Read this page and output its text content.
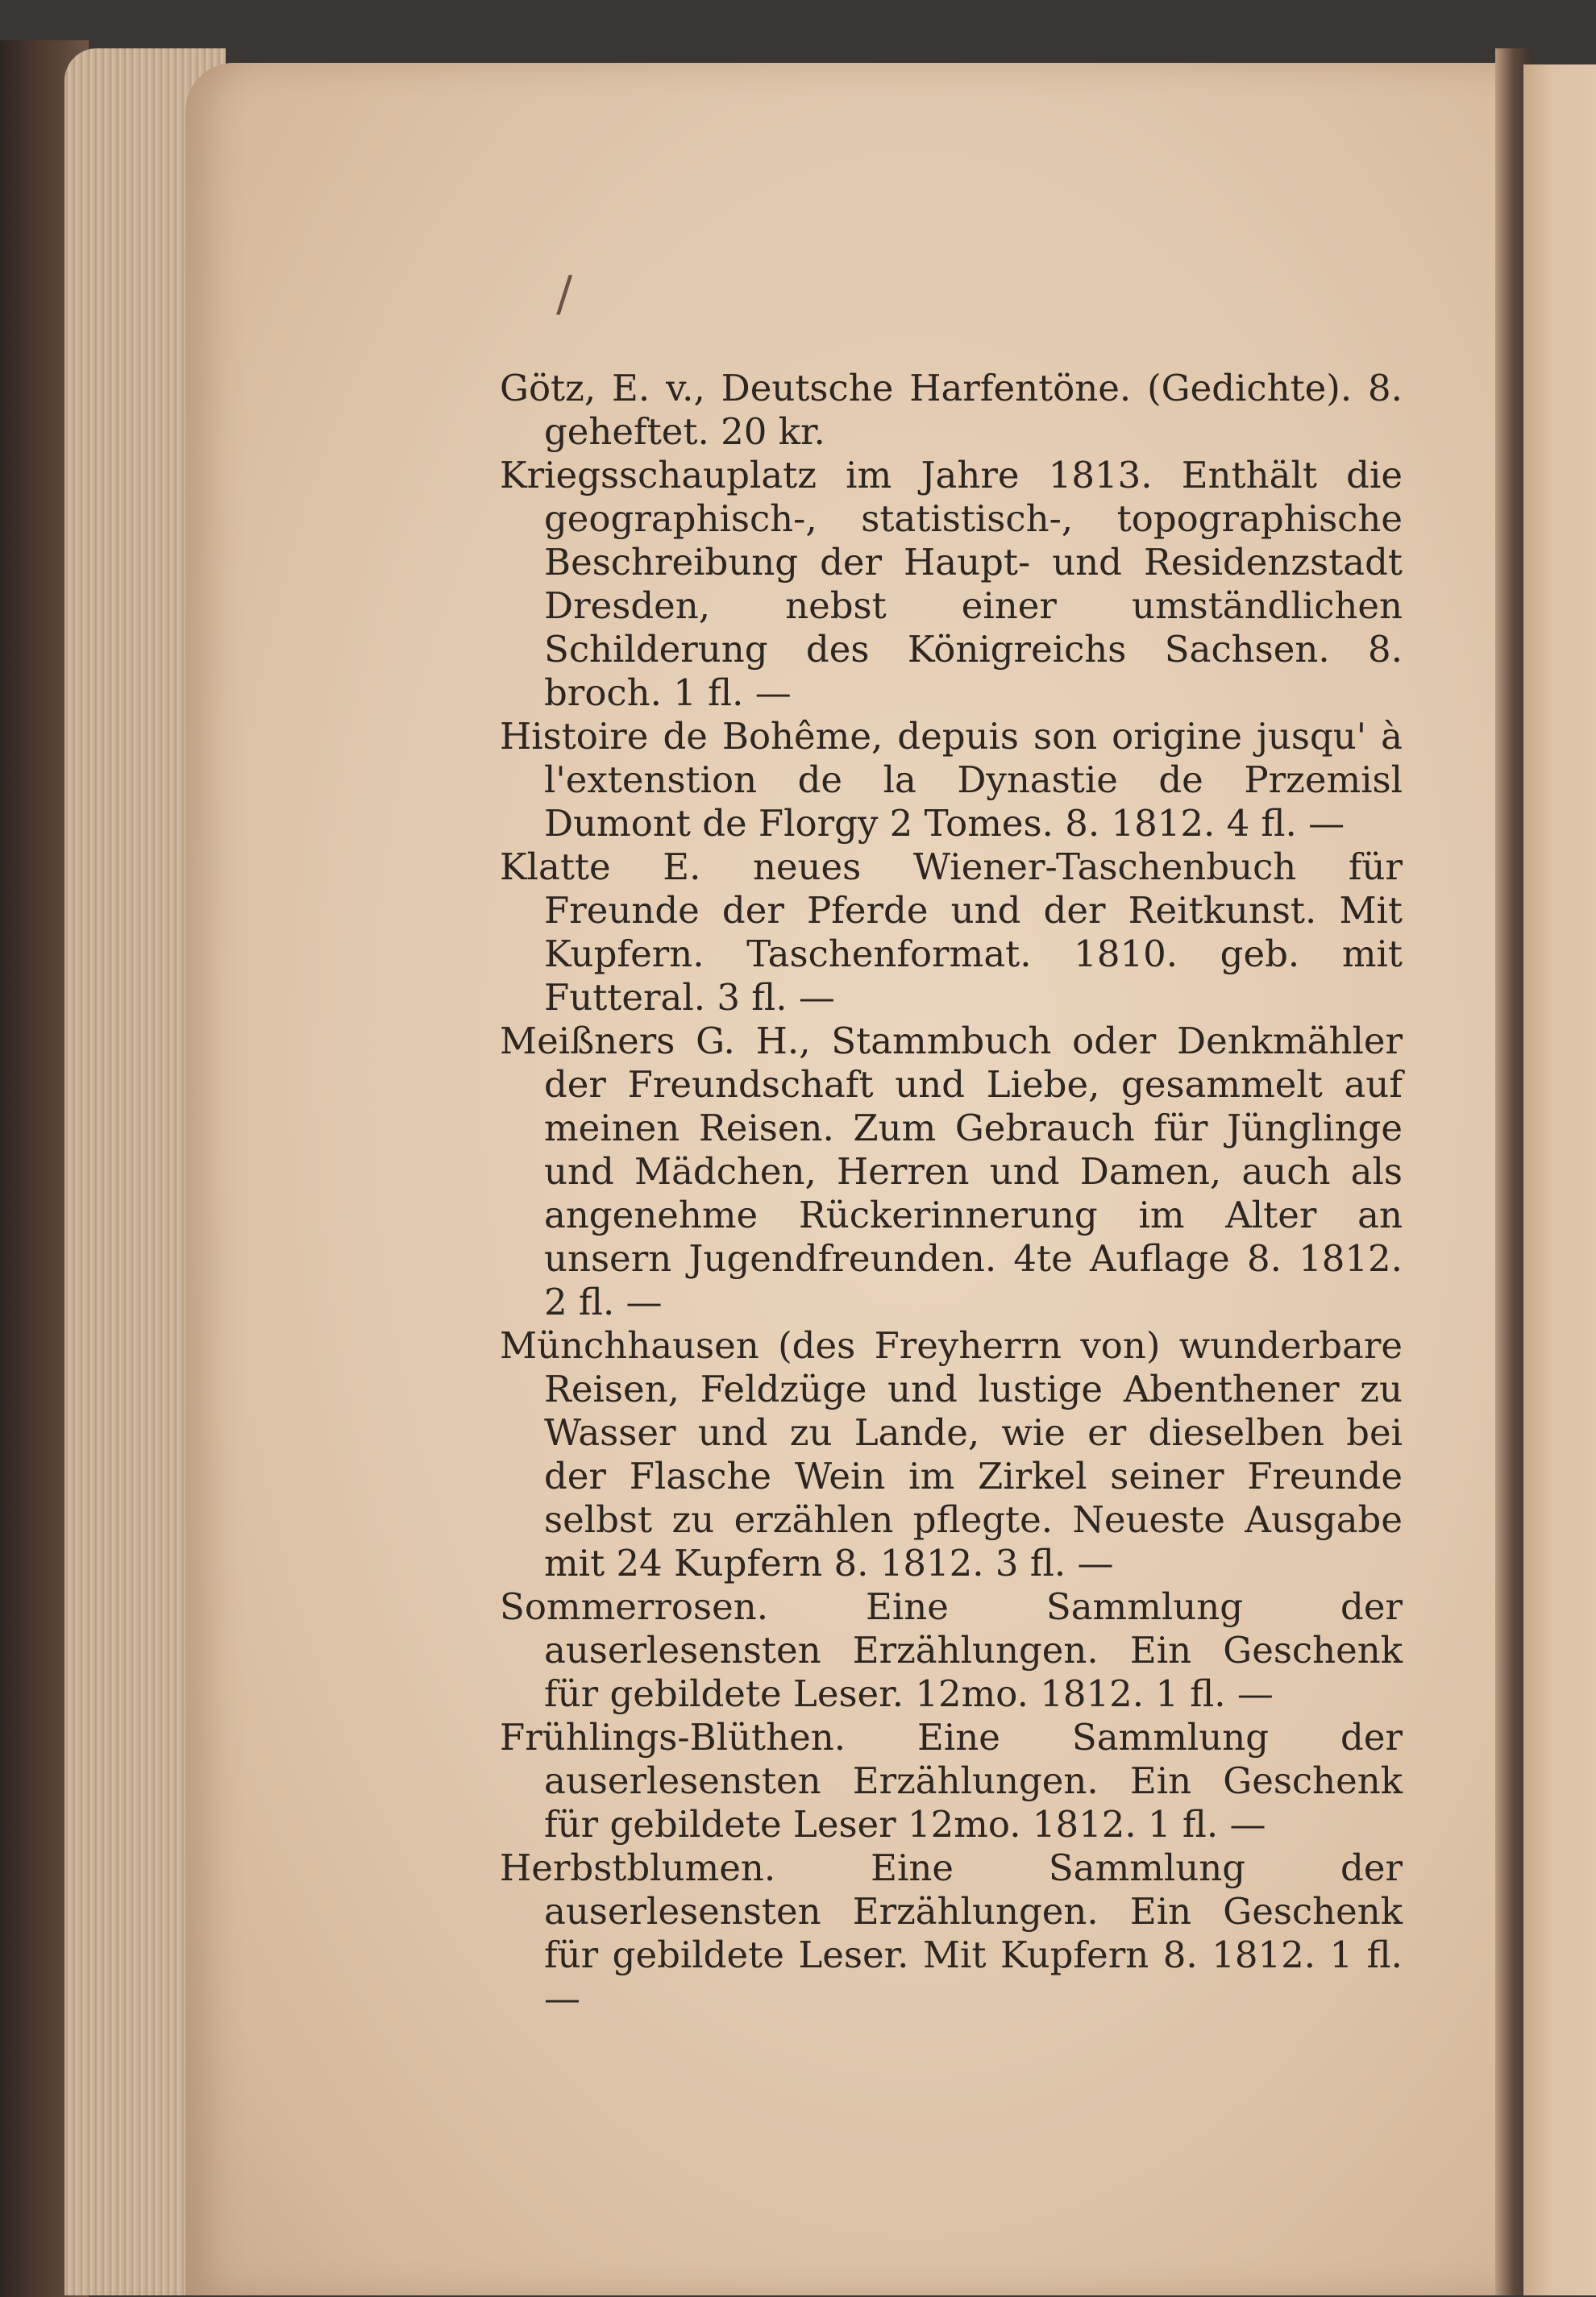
/

Götz, E. v., Deutsche Harfentöne. (Gedichte). 8. geheftet. 20 kr.

Kriegsschauplatz im Jahre 1813. Enthält die geographisch-, statistisch-, topographische Beschreibung der Haupt- und Residenzstadt Dresden, nebst einer umständlichen Schilderung des Königreichs Sachsen. 8. broch. 1 fl. —

Histoire de Bohême, depuis son origine jusqu' à l'extenstion de la Dynastie de Przemisl Dumont de Florgy 2 Tomes. 8. 1812. 4 fl. —

Klatte E. neues Wiener-Taschenbuch für Freunde der Pferde und der Reitkunst. Mit Kupfern. Taschenformat. 1810. geb. mit Futteral. 3 fl. —

Meißners G. H., Stammbuch oder Denkmähler der Freundschaft und Liebe, gesammelt auf meinen Reisen. Zum Gebrauch für Jünglinge und Mädchen, Herren und Damen, auch als angenehme Rückerinnerung im Alter an unsern Jugendfreunden. 4te Auflage 8. 1812. 2 fl. —

Münchhausen (des Freyherrn von) wunderbare Reisen, Feldzüge und lustige Abenthener zu Wasser und zu Lande, wie er dieselben bei der Flasche Wein im Zirkel seiner Freunde selbst zu erzählen pflegte. Neueste Ausgabe mit 24 Kupfern 8. 1812. 3 fl. —

Sommerrosen. Eine Sammlung der auserlesensten Erzählungen. Ein Geschenk für gebildete Leser. 12mo. 1812. 1 fl. —

Frühlings-Blüthen. Eine Sammlung der auserlesensten Erzählungen. Ein Geschenk für gebildete Leser 12mo. 1812. 1 fl. —

Herbstblumen. Eine Sammlung der auserlesensten Erzählungen. Ein Geschenk für gebildete Leser. Mit Kupfern 8. 1812. 1 fl. —
